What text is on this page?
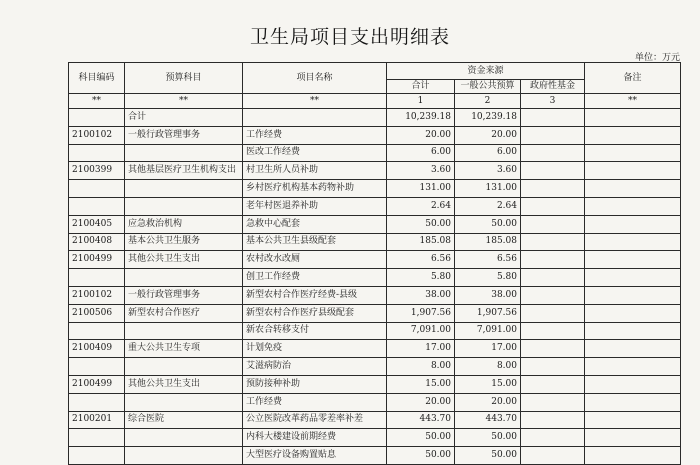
卫生局项目支出明细表
单位：万元
科目编码	预算科目	项目名称	资金来源			备注
			合计	一般公共预算	政府性基金	
**	**	**	1	2	3	**
	合计		10,239.18	10,239.18		
2100102	一般行政管理事务	工作经费	20.00	20.00		
		医改工作经费	6.00	6.00		
2100399	其他基层医疗卫生机构支出	村卫生所人员补助	3.60	3.60		
		乡村医疗机构基本药物补助	131.00	131.00		
		老年村医退养补助	2.64	2.64		
2100405	应急救治机构	急救中心配套	50.00	50.00		
2100408	基本公共卫生服务	基本公共卫生县级配套	185.08	185.08		
2100499	其他公共卫生支出	农村改水改厕	6.56	6.56		
		创卫工作经费	5.80	5.80		
2100102	一般行政管理事务	新型农村合作医疗经费-县级	38.00	38.00		
2100506	新型农村合作医疗	新型农村合作医疗县级配套	1,907.56	1,907.56		
		新农合转移支付	7,091.00	7,091.00		
2100409	重大公共卫生专项	计划免疫	17.00	17.00		
		艾滋病防治	8.00	8.00		
2100499	其他公共卫生支出	预防接种补助	15.00	15.00		
		工作经费	20.00	20.00		
2100201	综合医院	公立医院改革药品零差率补差	443.70	443.70		
		内科大楼建设前期经费	50.00	50.00		
		大型医疗设备购置贴息	50.00	50.00		
